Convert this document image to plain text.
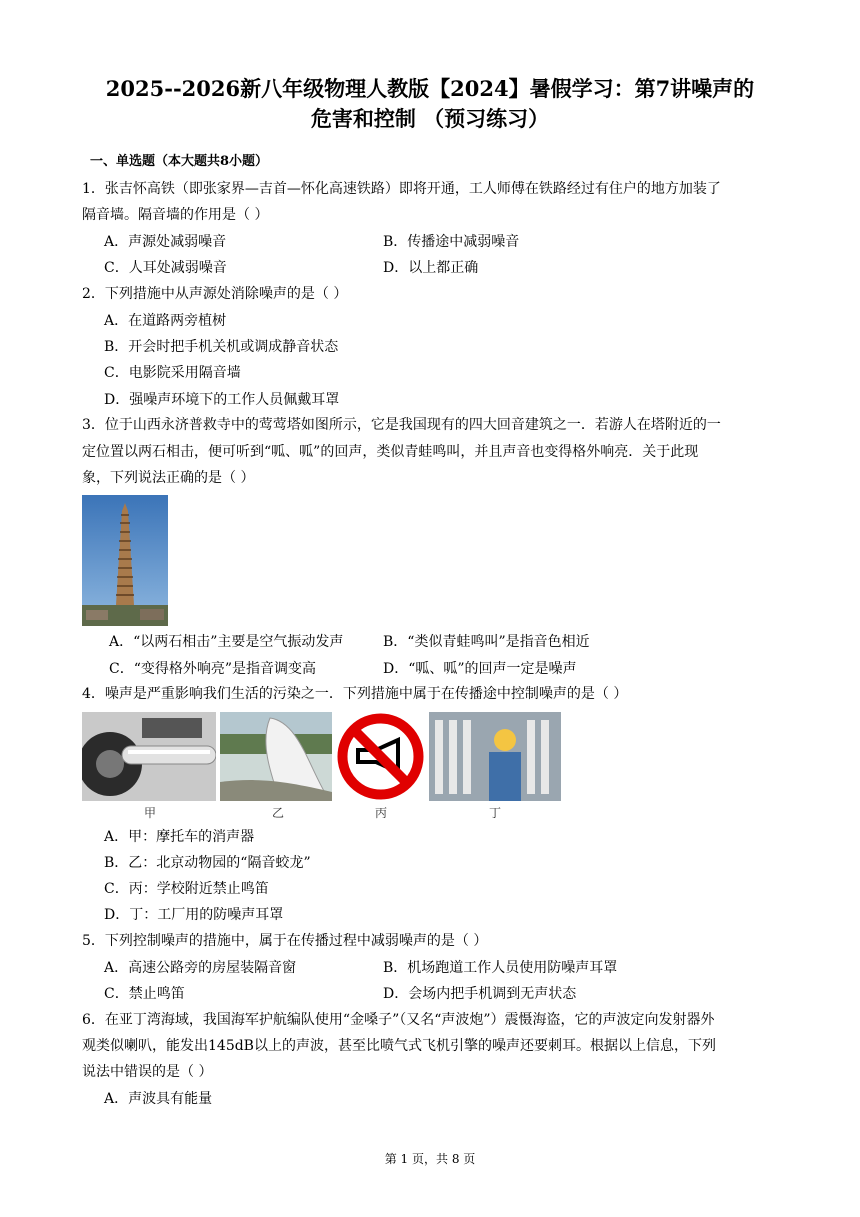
2025--2026新八年级物理人教版【2024】暑假学习：第7讲噪声的
危害和控制 （预习练习）
一、单选题（本大题共8小题）
1．张吉怀高铁（即张家界—吉首—怀化高速铁路）即将开通，工人师傅在铁路经过有住户的地方加装了
隔音墙。隔音墙的作用是（ ）
A．声源处减弱噪音	B．传播途中减弱噪音
C．人耳处减弱噪音	D．以上都正确
2．下列措施中从声源处消除噪声的是（ ）
A．在道路两旁植树
B．开会时把手机关机或调成静音状态
C．电影院采用隔音墙
D．强噪声环境下的工作人员佩戴耳罩
3．位于山西永济普救寺中的莺莺塔如图所示，它是我国现有的四大回音建筑之一．若游人在塔附近的一
定位置以两石相击，便可听到“呱、呱”的回声，类似青蛙鸣叫，并且声音也变得格外响亮．关于此现
象，下列说法正确的是（ ）
A．“以两石相击”主要是空气振动发声	B．“类似青蛙鸣叫”是指音色相近
C．“变得格外响亮”是指音调变高	D．“呱、呱”的回声一定是噪声
4．噪声是严重影响我们生活的污染之一．下列措施中属于在传播途中控制噪声的是（ ）
甲	乙	丙	丁
A．甲：摩托车的消声器
B．乙：北京动物园的“隔音蛟龙”
C．丙：学校附近禁止鸣笛
D．丁：工厂用的防噪声耳罩
5．下列控制噪声的措施中，属于在传播过程中减弱噪声的是（ ）
A．高速公路旁的房屋装隔音窗	B．机场跑道工作人员使用防噪声耳罩
C．禁止鸣笛	D．会场内把手机调到无声状态
6．在亚丁湾海域，我国海军护航编队使用“金嗓子”（又名“声波炮”）震慑海盗，它的声波定向发射器外
观类似喇叭，能发出145dB以上的声波，甚至比喷气式飞机引擎的噪声还要刺耳。根据以上信息，下列
说法中错误的是（ ）
A．声波具有能量
第 1 页，共 8 页
